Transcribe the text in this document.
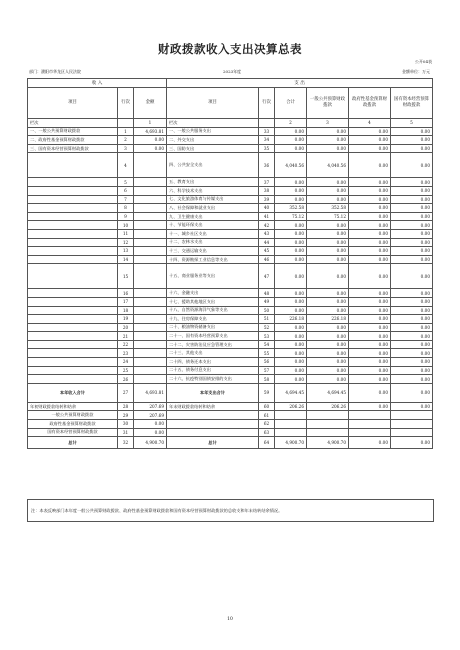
财政拨款收入支出决算总表
公开04表
部门：濮阳市华龙区人民法院	2023年度	金额单位：万元
收 入			支 出					
项目	行次	金额	项目	行次	合计	一般公共预算财政拨款	政府性基金预算财政拨款	国有资本经营预算财政拨款
栏次		1	栏次		2	3	4	5
一、一般公共预算财政拨款	1	4,693.81	一、一般公共服务支出	33	0.00	0.00	0.00	0.00
二、政府性基金预算财政拨款	2	0.00	二、外交支出	34	0.00	0.00	0.00	0.00
三、国有资本经营预算财政拨款	3	0.00	三、国防支出	35	0.00	0.00	0.00	0.00
	4		四、公共安全支出	36	4,040.56	4,040.56	0.00	0.00
	5		五、教育支出	37	0.00	0.00	0.00	0.00
	6		六、科学技术支出	38	0.00	0.00	0.00	0.00
	7		七、文化旅游体育与传媒支出	39	0.00	0.00	0.00	0.00
	8		八、社会保障和就业支出	40	352.58	352.58	0.00	0.00
	9		九、卫生健康支出	41	75.12	75.12	0.00	0.00
	10		十、节能环保支出	42	0.00	0.00	0.00	0.00
	11		十一、城乡社区支出	43	0.00	0.00	0.00	0.00
	12		十二、农林水支出	44	0.00	0.00	0.00	0.00
	13		十三、交通运输支出	45	0.00	0.00	0.00	0.00
	14		十四、资源勘探工业信息等支出	46	0.00	0.00	0.00	0.00
	15		十五、商业服务业等支出	47	0.00	0.00	0.00	0.00
	16		十六、金融支出	48	0.00	0.00	0.00	0.00
	17		十七、援助其他地区支出	49	0.00	0.00	0.00	0.00
	18		十八、自然资源海洋气象等支出	50	0.00	0.00	0.00	0.00
	19		十九、住房保障支出	51	226.18	226.18	0.00	0.00
	20		二十、粮油物资储备支出	52	0.00	0.00	0.00	0.00
	21		二十一、国有资本经营预算支出	53	0.00	0.00	0.00	0.00
	22		二十二、灾害防治及应急管理支出	54	0.00	0.00	0.00	0.00
	23		二十三、其他支出	55	0.00	0.00	0.00	0.00
	24		二十四、债务还本支出	56	0.00	0.00	0.00	0.00
	25		二十五、债务付息支出	57	0.00	0.00	0.00	0.00
	26		二十六、抗疫特别国债安排的支出	58	0.00	0.00	0.00	0.00
本年收入合计	27	4,693.81	本年支出合计	59	4,694.45	4,694.45	0.00	0.00
年初财政拨款结转和结余	28	207.69	年末财政拨款结转和结余	60	206.26	206.26	0.00	0.00
一般公共预算财政拨款	29	207.69		61				
政府性基金预算财政拨款	30	0.00		62				
国有资本经营预算财政拨款	31	0.00		63				
总计	32	4,900.70	总计	64	4,900.70	4,900.70	0.00	0.00
注：本表反映部门本年度一般公共预算财政拨款、政府性基金预算财政拨款和国有资本经营预算财政拨款的总收支和年末结转结余情况。
10
